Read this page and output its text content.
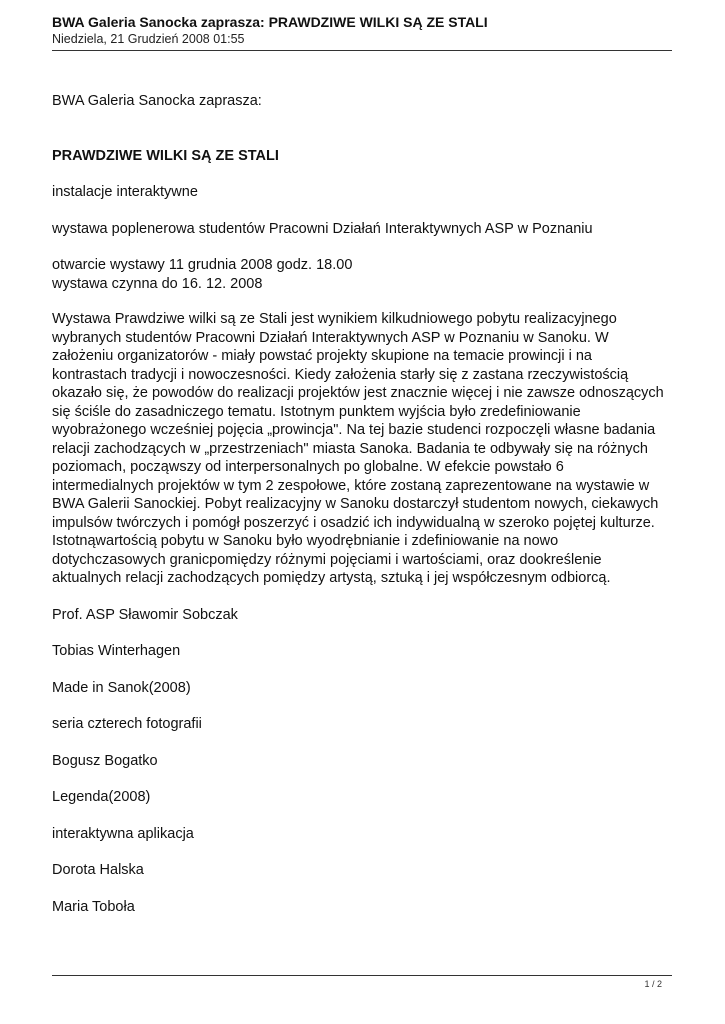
BWA Galeria Sanocka zaprasza: PRAWDZIWE WILKI SĄ ZE STALI
Niedziela, 21 Grudzień 2008 01:55

BWA Galeria Sanocka zaprasza:

PRAWDZIWE WILKI SĄ ZE STALI

instalacje interaktywne

wystawa poplenerowa studentów Pracowni Działań Interaktywnych ASP w Poznaniu

otwarcie wystawy 11 grudnia 2008 godz. 18.00

wystawa czynna do 16. 12. 2008

Wystawa Prawdziwe wilki są ze Stali jest wynikiem kilkudniowego pobytu realizacyjnego

wybranych studentów Pracowni Działań Interaktywnych ASP w Poznaniu w Sanoku. W

założeniu organizatorów - miały powstać projekty skupione na temacie prowincji i na

kontrastach tradycji i nowoczesności. Kiedy założenia starły się z zastana rzeczywistością

okazało się, że powodów do realizacji projektów jest znacznie więcej i nie zawsze odnoszących

się ściśle do zasadniczego tematu. Istotnym punktem wyjścia było zredefiniowanie

wyobrażonego wcześniej pojęcia „prowincja". Na tej bazie studenci rozpoczęli własne badania

relacji zachodzących w „przestrzeniach" miasta Sanoka. Badania te odbywały się na różnych

poziomach, począwszy od interpersonalnych po globalne. W efekcie powstało 6

intermedialnych projektów w tym 2 zespołowe, które zostaną zaprezentowane na wystawie w

BWA Galerii Sanockiej. Pobyt realizacyjny w Sanoku dostarczył studentom nowych, ciekawych

impulsów twórczych i pomógł poszerzyć i osadzić ich indywidualną w szeroko pojętej kulturze.

Istotnąwartością pobytu w Sanoku było wyodrębnianie i zdefiniowanie na nowo

dotychczasowych granicpomiędzy różnymi pojęciami i wartościami, oraz dookreślenie

aktualnych relacji zachodzących pomiędzy artystą, sztuką i jej współczesnym odbiorcą.

Prof. ASP Sławomir Sobczak

Tobias Winterhagen

Made in Sanok(2008)

seria czterech fotografii

Bogusz Bogatko

Legenda(2008)

interaktywna aplikacja

Dorota Halska

Maria Toboła

1 / 2
